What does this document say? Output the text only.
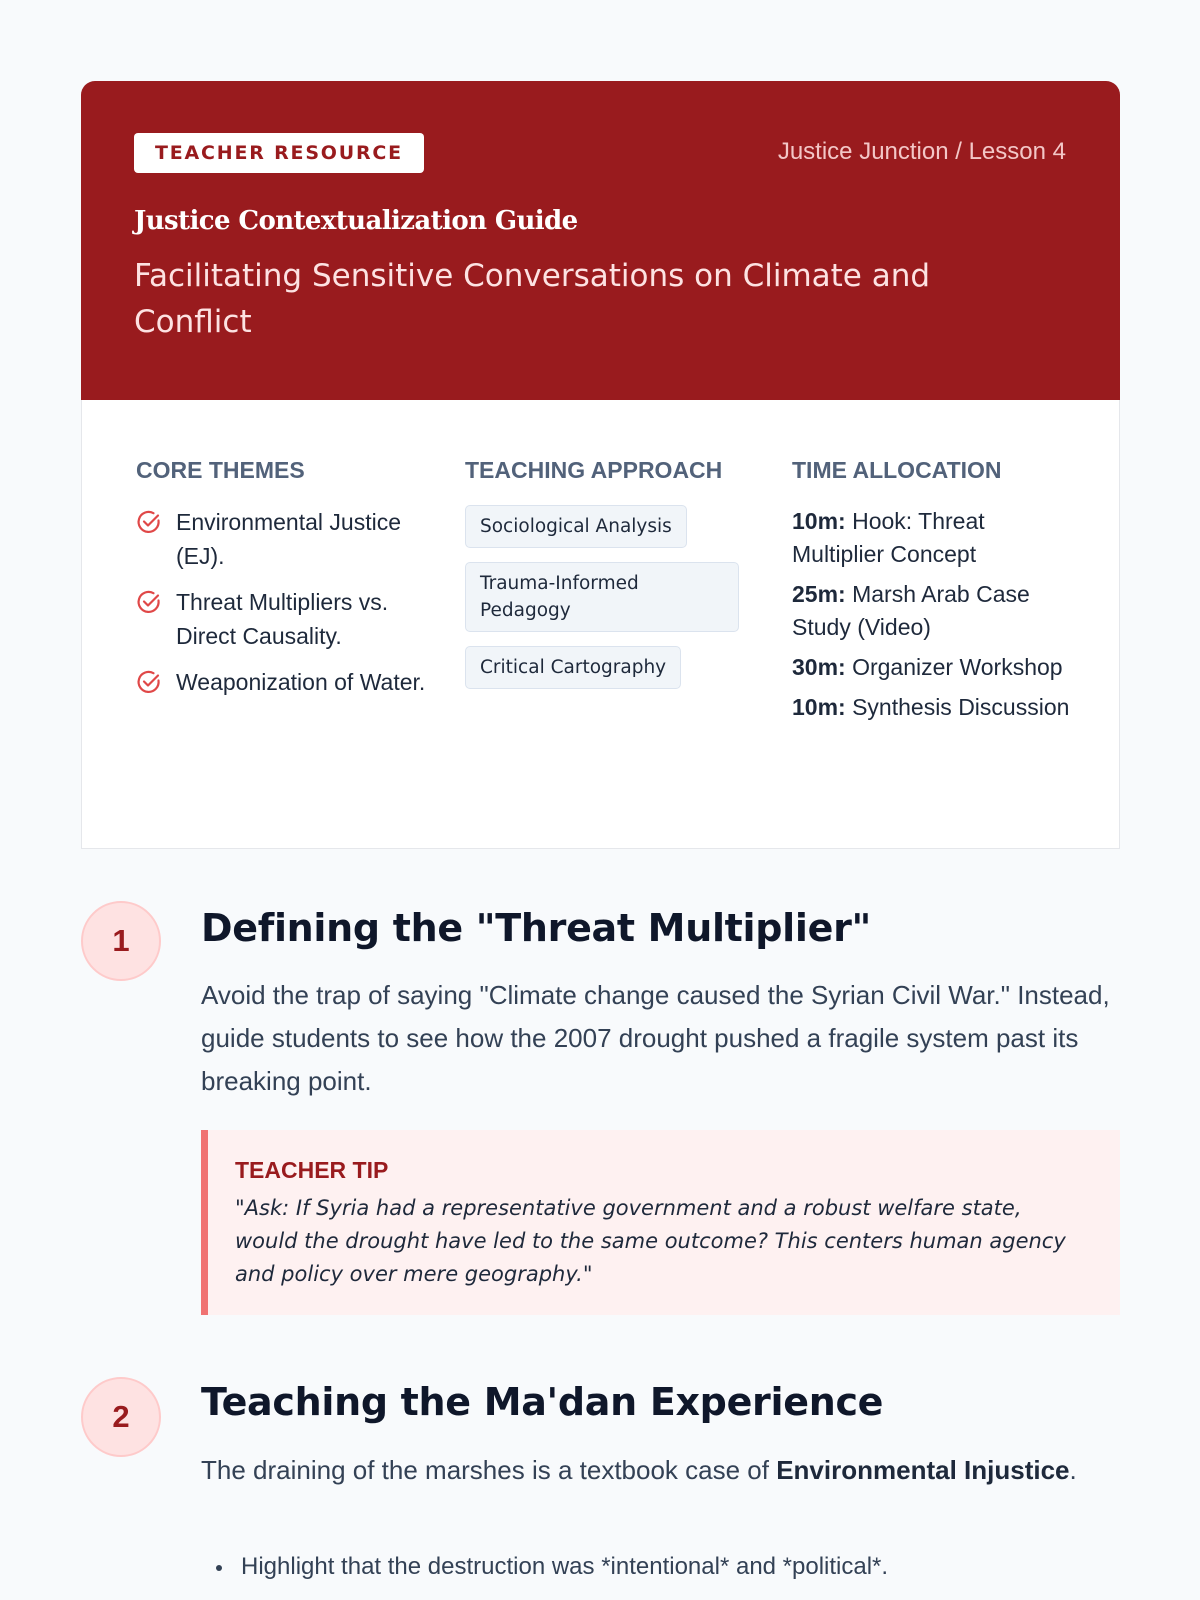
TEACHER RESOURCE	Justice Junction / Lesson 4
Justice Contextualization Guide
Facilitating Sensitive Conversations on Climate and Conflict
CORE THEMES
Environmental Justice (EJ).
Threat Multipliers vs. Direct Causality.
Weaponization of Water.
TEACHING APPROACH
Sociological Analysis
Trauma-Informed Pedagogy
Critical Cartography
TIME ALLOCATION
10m: Hook: Threat Multiplier Concept
25m: Marsh Arab Case Study (Video)
30m: Organizer Workshop
10m: Synthesis Discussion
1	Defining the "Threat Multiplier"
Avoid the trap of saying "Climate change caused the Syrian Civil War." Instead, guide students to see how the 2007 drought pushed a fragile system past its breaking point.
TEACHER TIP
"Ask: If Syria had a representative government and a robust welfare state, would the drought have led to the same outcome? This centers human agency and policy over mere geography."
2	Teaching the Ma'dan Experience
The draining of the marshes is a textbook case of Environmental Injustice.
Highlight that the destruction was *intentional* and *political*.
